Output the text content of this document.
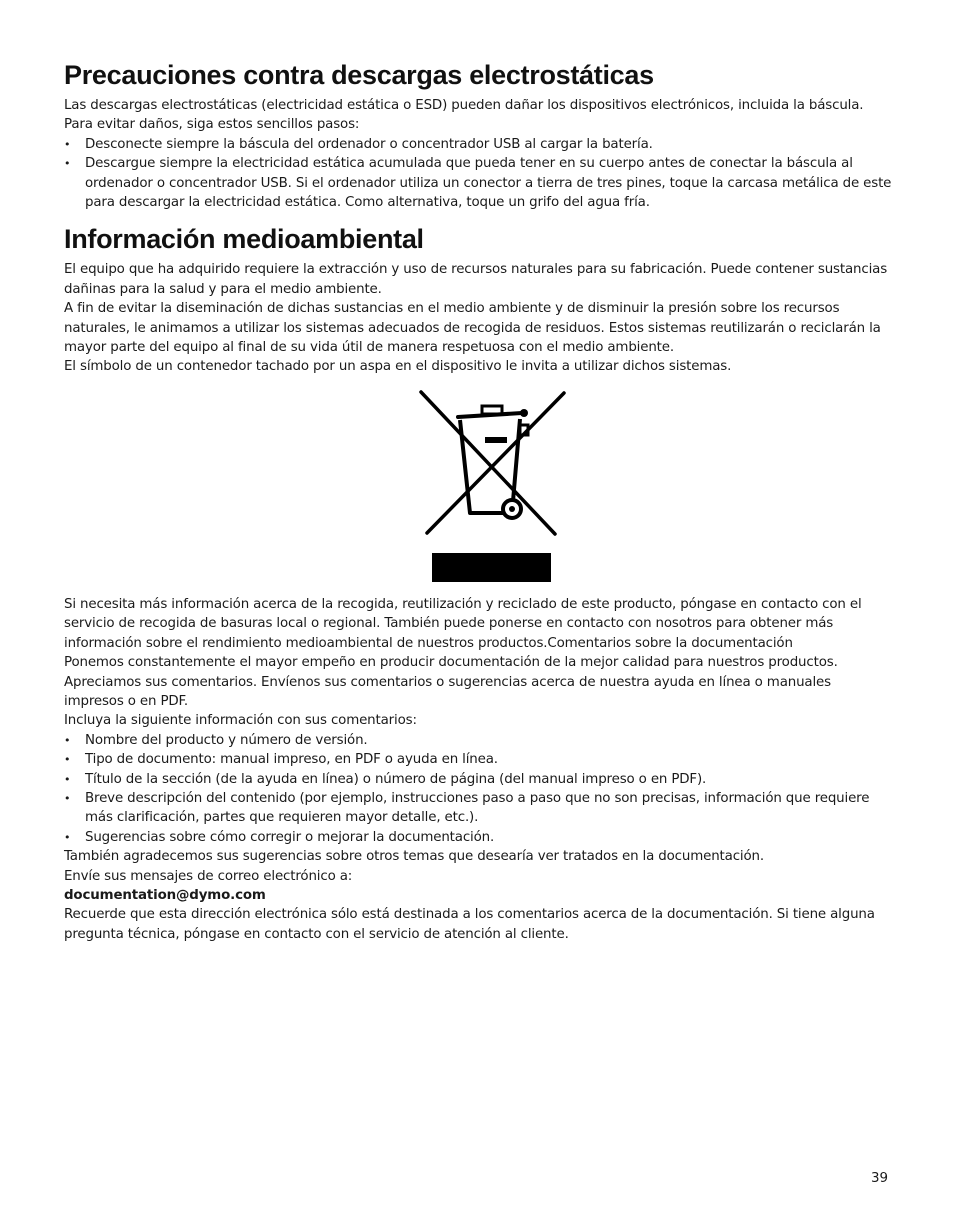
Precauciones contra descargas electrostáticas

Las descargas electrostáticas (electricidad estática o ESD) pueden dañar los dispositivos electrónicos, incluida la báscula.

Para evitar daños, siga estos sencillos pasos:

• Desconecte siempre la báscula del ordenador o concentrador USB al cargar la batería.
• Descargue siempre la electricidad estática acumulada que pueda tener en su cuerpo antes de conectar la báscula al ordenador o concentrador USB. Si el ordenador utiliza un conector a tierra de tres pines, toque la carcasa metálica de este para descargar la electricidad estática. Como alternativa, toque un grifo del agua fría.
Información medioambiental

El equipo que ha adquirido requiere la extracción y uso de recursos naturales para su fabricación. Puede contener sustancias dañinas para la salud y para el medio ambiente.

A fin de evitar la diseminación de dichas sustancias en el medio ambiente y de disminuir la presión sobre los recursos naturales, le animamos a utilizar los sistemas adecuados de recogida de residuos. Estos sistemas reutilizarán o reciclarán la mayor parte del equipo al final de su vida útil de manera respetuosa con el medio ambiente.

El símbolo de un contenedor tachado por un aspa en el dispositivo le invita a utilizar dichos sistemas.

Si necesita más información acerca de la recogida, reutilización y reciclado de este producto, póngase en contacto con el servicio de recogida de basuras local o regional. También puede ponerse en contacto con nosotros para obtener más información sobre el rendimiento medioambiental de nuestros productos.Comentarios sobre la documentación

Ponemos constantemente el mayor empeño en producir documentación de la mejor calidad para nuestros productos. Apreciamos sus comentarios. Envíenos sus comentarios o sugerencias acerca de nuestra ayuda en línea o manuales impresos o en PDF.

Incluya la siguiente información con sus comentarios:

• Nombre del producto y número de versión.
• Tipo de documento: manual impreso, en PDF o ayuda en línea.
• Título de la sección (de la ayuda en línea) o número de página (del manual impreso o en PDF).
• Breve descripción del contenido (por ejemplo, instrucciones paso a paso que no son precisas, información que requiere más clarificación, partes que requieren mayor detalle, etc.).
• Sugerencias sobre cómo corregir o mejorar la documentación.

También agradecemos sus sugerencias sobre otros temas que desearía ver tratados en la documentación.

Envíe sus mensajes de correo electrónico a:

documentation@dymo.com

Recuerde que esta dirección electrónica sólo está destinada a los comentarios acerca de la documentación. Si tiene alguna pregunta técnica, póngase en contacto con el servicio de atención al cliente.

39
